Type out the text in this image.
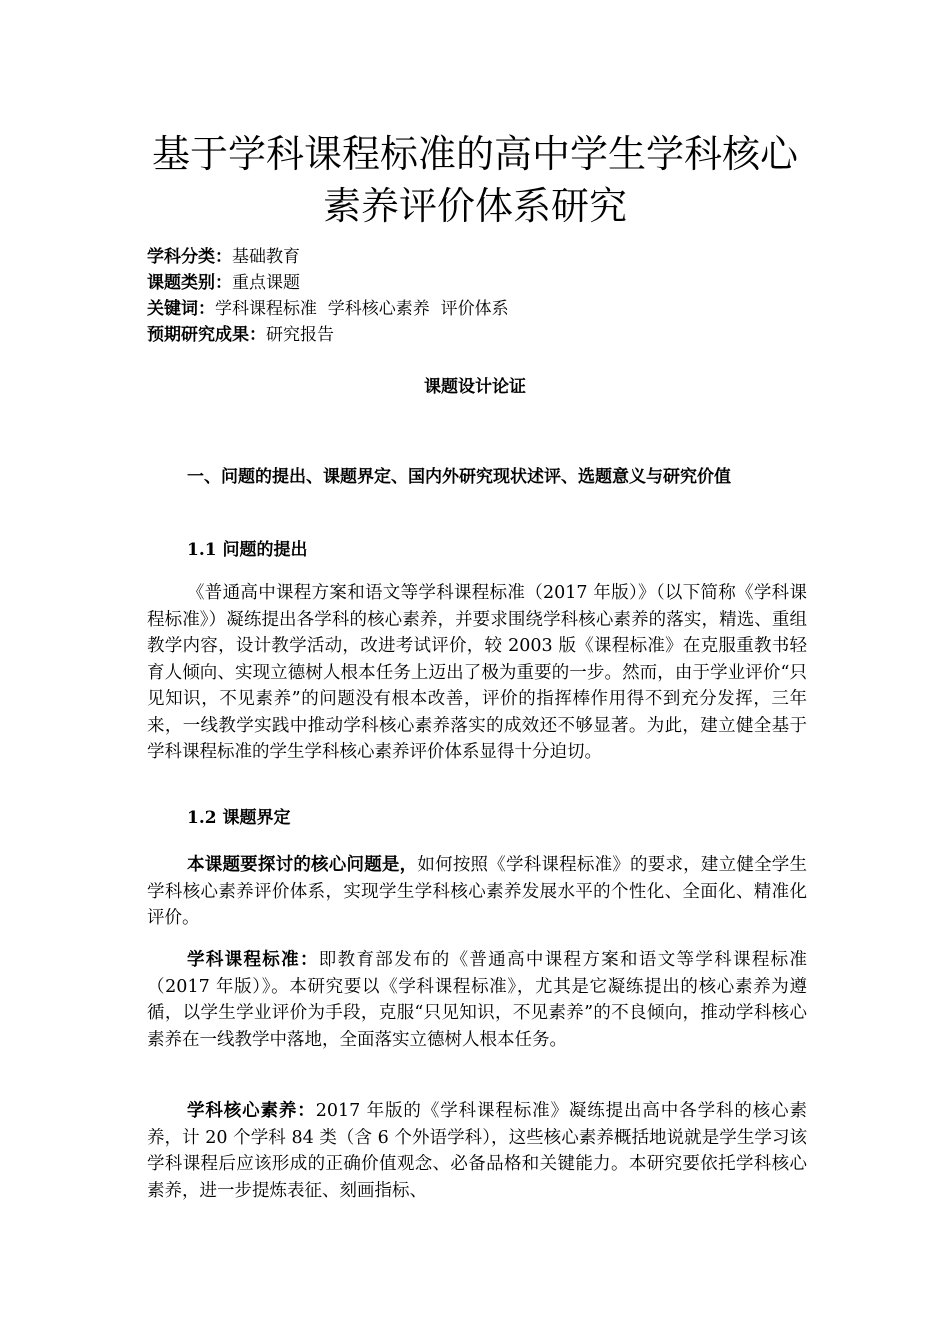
基于学科课程标准的高中学生学科核心
素养评价体系研究
学科分类：基础教育
课题类别：重点课题
关键词：学科课程标准  学科核心素养  评价体系
预期研究成果：研究报告
课题设计论证
一、问题的提出、课题界定、国内外研究现状述评、选题意义与研究价值
1.1 问题的提出
《普通高中课程方案和语文等学科课程标准（2017 年版）》（以下简称《学科课程标准》）凝练提出各学科的核心素养，并要求围绕学科核心素养的落实，精选、重组教学内容，设计教学活动，改进考试评价，较 2003 版《课程标准》在克服重教书轻育人倾向、实现立德树人根本任务上迈出了极为重要的一步。然而，由于学业评价“只见知识，不见素养”的问题没有根本改善，评价的指挥棒作用得不到充分发挥，三年来，一线教学实践中推动学科核心素养落实的成效还不够显著。为此，建立健全基于学科课程标准的学生学科核心素养评价体系显得十分迫切。
1.2 课题界定
本课题要探讨的核心问题是，如何按照《学科课程标准》的要求，建立健全学生学科核心素养评价体系，实现学生学科核心素养发展水平的个性化、全面化、精准化评价。
学科课程标准：即教育部发布的《普通高中课程方案和语文等学科课程标准（2017 年版）》。本研究要以《学科课程标准》，尤其是它凝练提出的核心素养为遵循，以学生学业评价为手段，克服“只见知识，不见素养”的不良倾向，推动学科核心素养在一线教学中落地，全面落实立德树人根本任务。
学科核心素养：2017 年版的《学科课程标准》凝练提出高中各学科的核心素养，计 20 个学科 84 类（含 6 个外语学科），这些核心素养概括地说就是学生学习该学科课程后应该形成的正确价值观念、必备品格和关键能力。本研究要依托学科核心素养，进一步提炼表征、刻画指标、
